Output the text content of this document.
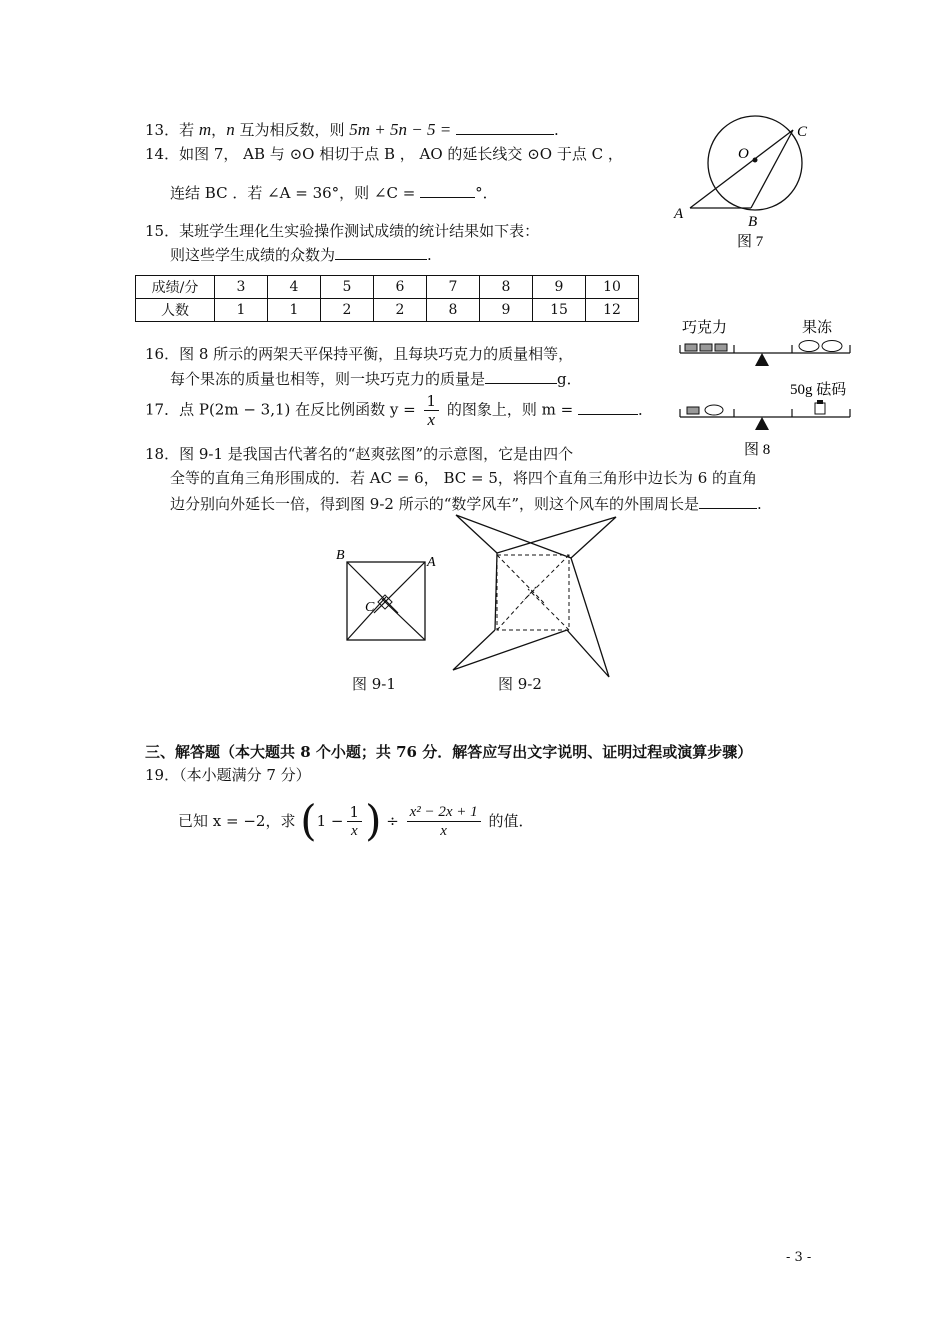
13．若 m，n 互为相反数，则 5m + 5n − 5 =	.
14．如图 7， AB 与 ⊙O 相切于点 B ， AO 的延长线交 ⊙O 于点 C ，
连结 BC ．若 ∠A = 36°，则 ∠C =	°．
15．某班学生理化生实验操作测试成绩的统计结果如下表：
则这些学生成绩的众数为	.
成绩/分	3	4	5	6	7	8	9	10
人数	1	1	2	2	8	9	15	12
16．图 8 所示的两架天平保持平衡，且每块巧克力的质量相等，
每个果冻的质量也相等，则一块巧克力的质量是	g．
17．点 P(2m − 3,1) 在反比例函数 $y = \frac{1}{x}$ 的图象上，则 m =	．
18．图 9-1 是我国古代著名的“赵爽弦图”的示意图，它是由四个
全等的直角三角形围成的．若 AC = 6， BC = 5，将四个直角三角形中边长为 6 的直角
边分别向外延长一倍，得到图 9-2 所示的“数学风车”，则这个风车的外围周长是	.
O
C
A	B
图 7
巧克力	果冻
50g 砝码
图 8
B	A
C
图 9-1	图 9-2
三、解答题（本大题共 8 个小题；共 76 分．解答应写出文字说明、证明过程或演算步骤）
19．（本小题满分 7 分）
已知 x = −2，求 ($1 - \frac{1}{x}$ ) ÷ $\frac{\text{x² − 2x + 1}}{x}$ 的值．
- 3 -
